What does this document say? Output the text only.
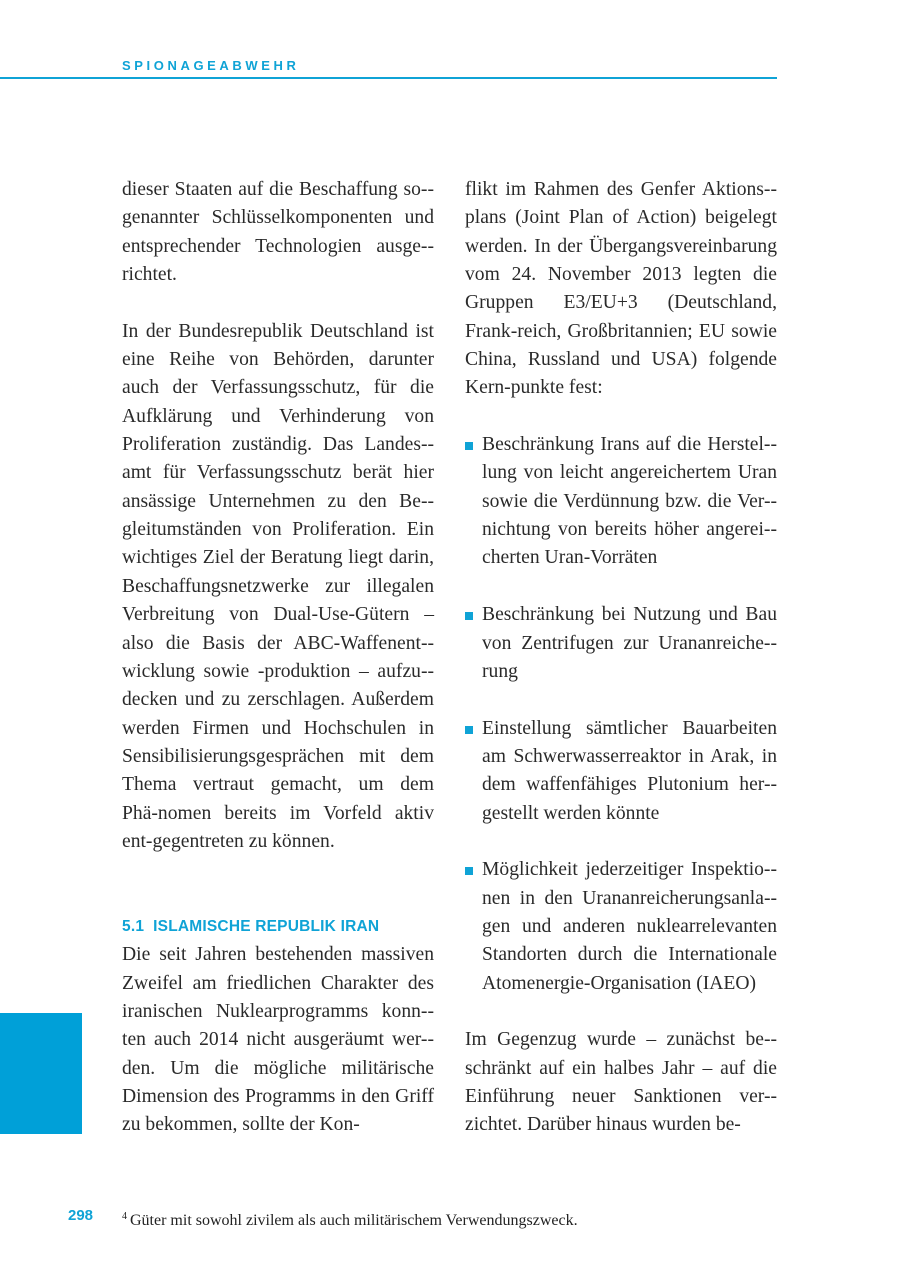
SPIONAGEABWEHR

dieser Staaten auf die Beschaffung so-genannter Schlüsselkomponenten und entsprechender Technologien ausge-richtet.

In der Bundesrepublik Deutschland ist eine Reihe von Behörden, darunter auch der Verfassungsschutz, für die Aufklärung und Verhinderung von Proliferation zuständig. Das Landes-amt für Verfassungsschutz berät hier ansässige Unternehmen zu den Be-gleitumständen von Proliferation. Ein wichtiges Ziel der Beratung liegt darin, Beschaffungsnetzwerke zur illegalen Verbreitung von Dual-Use-Gütern – also die Basis der ABC-Waffenent-wicklung sowie -produktion – aufzu-decken und zu zerschlagen. Außerdem werden Firmen und Hochschulen in Sensibilisierungsgesprächen mit dem Thema vertraut gemacht, um dem Phä-nomen bereits im Vorfeld aktiv ent-gegentreten zu können.

5.1 ISLAMISCHE REPUBLIK IRAN

Die seit Jahren bestehenden massiven Zweifel am friedlichen Charakter des iranischen Nuklearprogramms konn-ten auch 2014 nicht ausgeräumt wer-den. Um die mögliche militärische Dimension des Programms in den Griff zu bekommen, sollte der Kon-

flikt im Rahmen des Genfer Aktions-plans (Joint Plan of Action) beigelegt werden. In der Übergangsvereinbarung vom 24. November 2013 legten die Gruppen E3/EU+3 (Deutschland, Frank-reich, Großbritannien; EU sowie China, Russland und USA) folgende Kern-punkte fest:

Beschränkung Irans auf die Herstel-lung von leicht angereichertem Uran sowie die Verdünnung bzw. die Ver-nichtung von bereits höher angerei-cherten Uran-Vorräten
Beschränkung bei Nutzung und Bau von Zentrifugen zur Urananreiche-rung
Einstellung sämtlicher Bauarbeiten am Schwerwasserreaktor in Arak, in dem waffenfähiges Plutonium her-gestellt werden könnte
Möglichkeit jederzeitiger Inspektio-nen in den Urananreicherungsanla-gen und anderen nuklearrelevanten Standorten durch die Internationale Atomenergie-Organisation (IAEO)

Im Gegenzug wurde – zunächst be-schränkt auf ein halbes Jahr – auf die Einführung neuer Sanktionen ver-zichtet. Darüber hinaus wurden be-

298	$^4$ Güter mit sowohl zivilem als auch militärischem Verwendungszweck.
